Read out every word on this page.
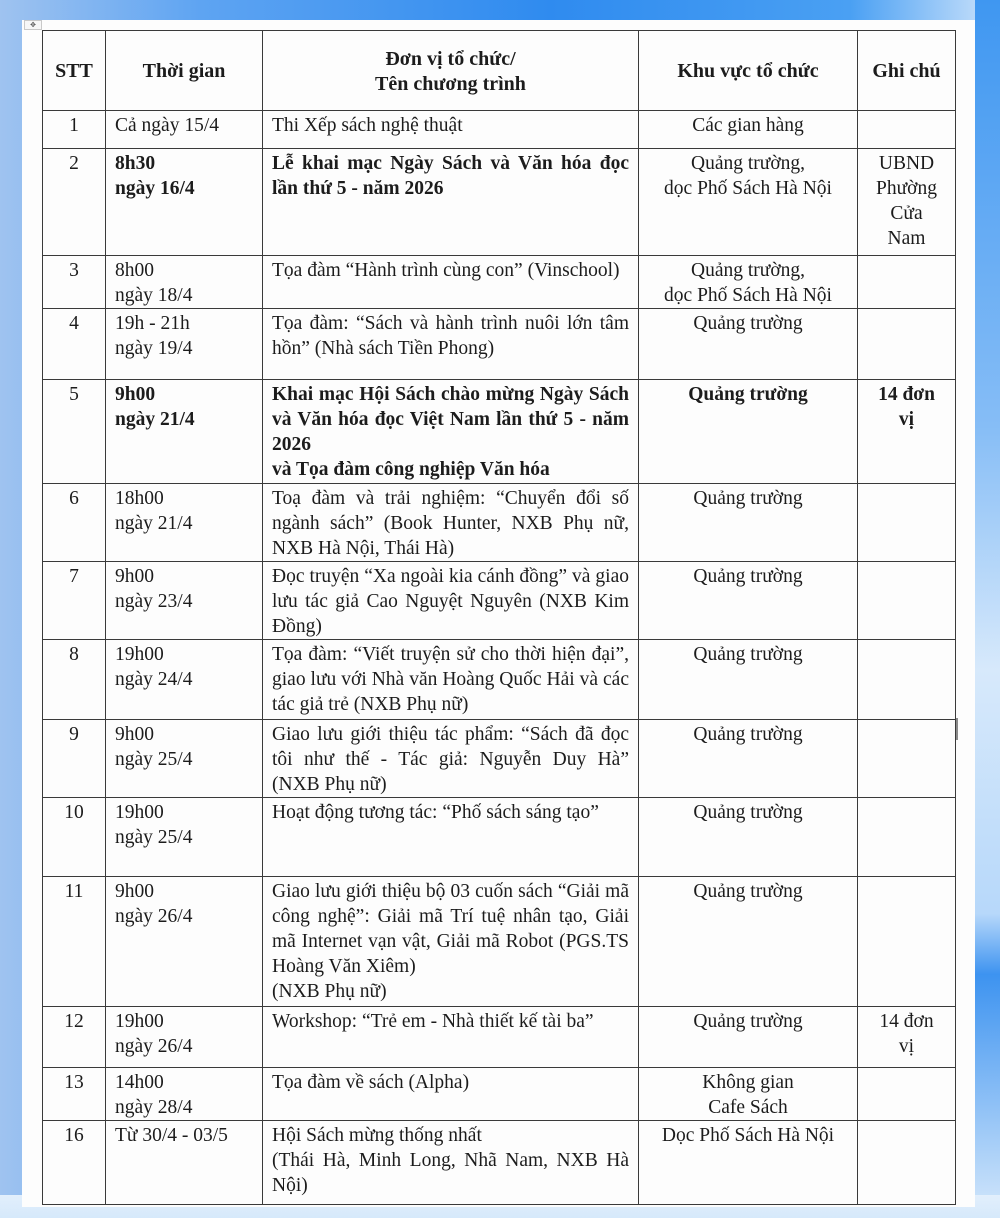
✥
STT	Thời gian	Đơn vị tổ chức/
Tên chương trình	Khu vực tổ chức	Ghi chú
1	Cả ngày 15/4	Thi Xếp sách nghệ thuật	Các gian hàng	

2	8h30
ngày 16/4	Lễ khai mạc Ngày Sách và Văn hóa đọc lần thứ 5 - năm 2026	Quảng trường,
dọc Phố Sách Hà Nội	UBND
Phường
Cửa
Nam

3	8h00
ngày 18/4	Tọa đàm “Hành trình cùng con” (Vinschool)	Quảng trường,
dọc Phố Sách Hà Nội	

4	19h - 21h
ngày 19/4	Tọa đàm: “Sách và hành trình nuôi lớn tâm hồn” (Nhà sách Tiền Phong)	Quảng trường	

5	9h00
ngày 21/4	Khai mạc Hội Sách chào mừng Ngày Sách và Văn hóa đọc Việt Nam lần thứ 5 - năm 2026
và Tọa đàm công nghiệp Văn hóa	Quảng trường	14 đơn
vị

6	18h00
ngày 21/4	Toạ đàm và trải nghiệm: “Chuyển đổi số ngành sách” (Book Hunter, NXB Phụ nữ, NXB Hà Nội, Thái Hà)	Quảng trường	

7	9h00
ngày 23/4	Đọc truyện “Xa ngoài kia cánh đồng” và giao lưu tác giả Cao Nguyệt Nguyên (NXB Kim Đồng)	Quảng trường	

8	19h00
ngày 24/4	Tọa đàm: “Viết truyện sử cho thời hiện đại”, giao lưu với Nhà văn Hoàng Quốc Hải và các tác giả trẻ (NXB Phụ nữ)	Quảng trường	

9	9h00
ngày 25/4	Giao lưu giới thiệu tác phẩm: “Sách đã đọc tôi như thế - Tác giả: Nguyễn Duy Hà” (NXB Phụ nữ)	Quảng trường	

10	19h00
ngày 25/4	Hoạt động tương tác: “Phố sách sáng tạo”	Quảng trường	

11	9h00
ngày 26/4	Giao lưu giới thiệu bộ 03 cuốn sách “Giải mã công nghệ”: Giải mã Trí tuệ nhân tạo, Giải mã Internet vạn vật, Giải mã Robot (PGS.TS Hoàng Văn Xiêm)
(NXB Phụ nữ)	Quảng trường	

12	19h00
ngày 26/4	Workshop: “Trẻ em - Nhà thiết kế tài ba”	Quảng trường	14 đơn
vị

13	14h00
ngày 28/4	Tọa đàm về sách (Alpha)	Không gian
Cafe Sách	

16	Từ 30/4 - 03/5	Hội Sách mừng thống nhất
(Thái Hà, Minh Long, Nhã Nam, NXB Hà Nội)	Dọc Phố Sách Hà Nội	
